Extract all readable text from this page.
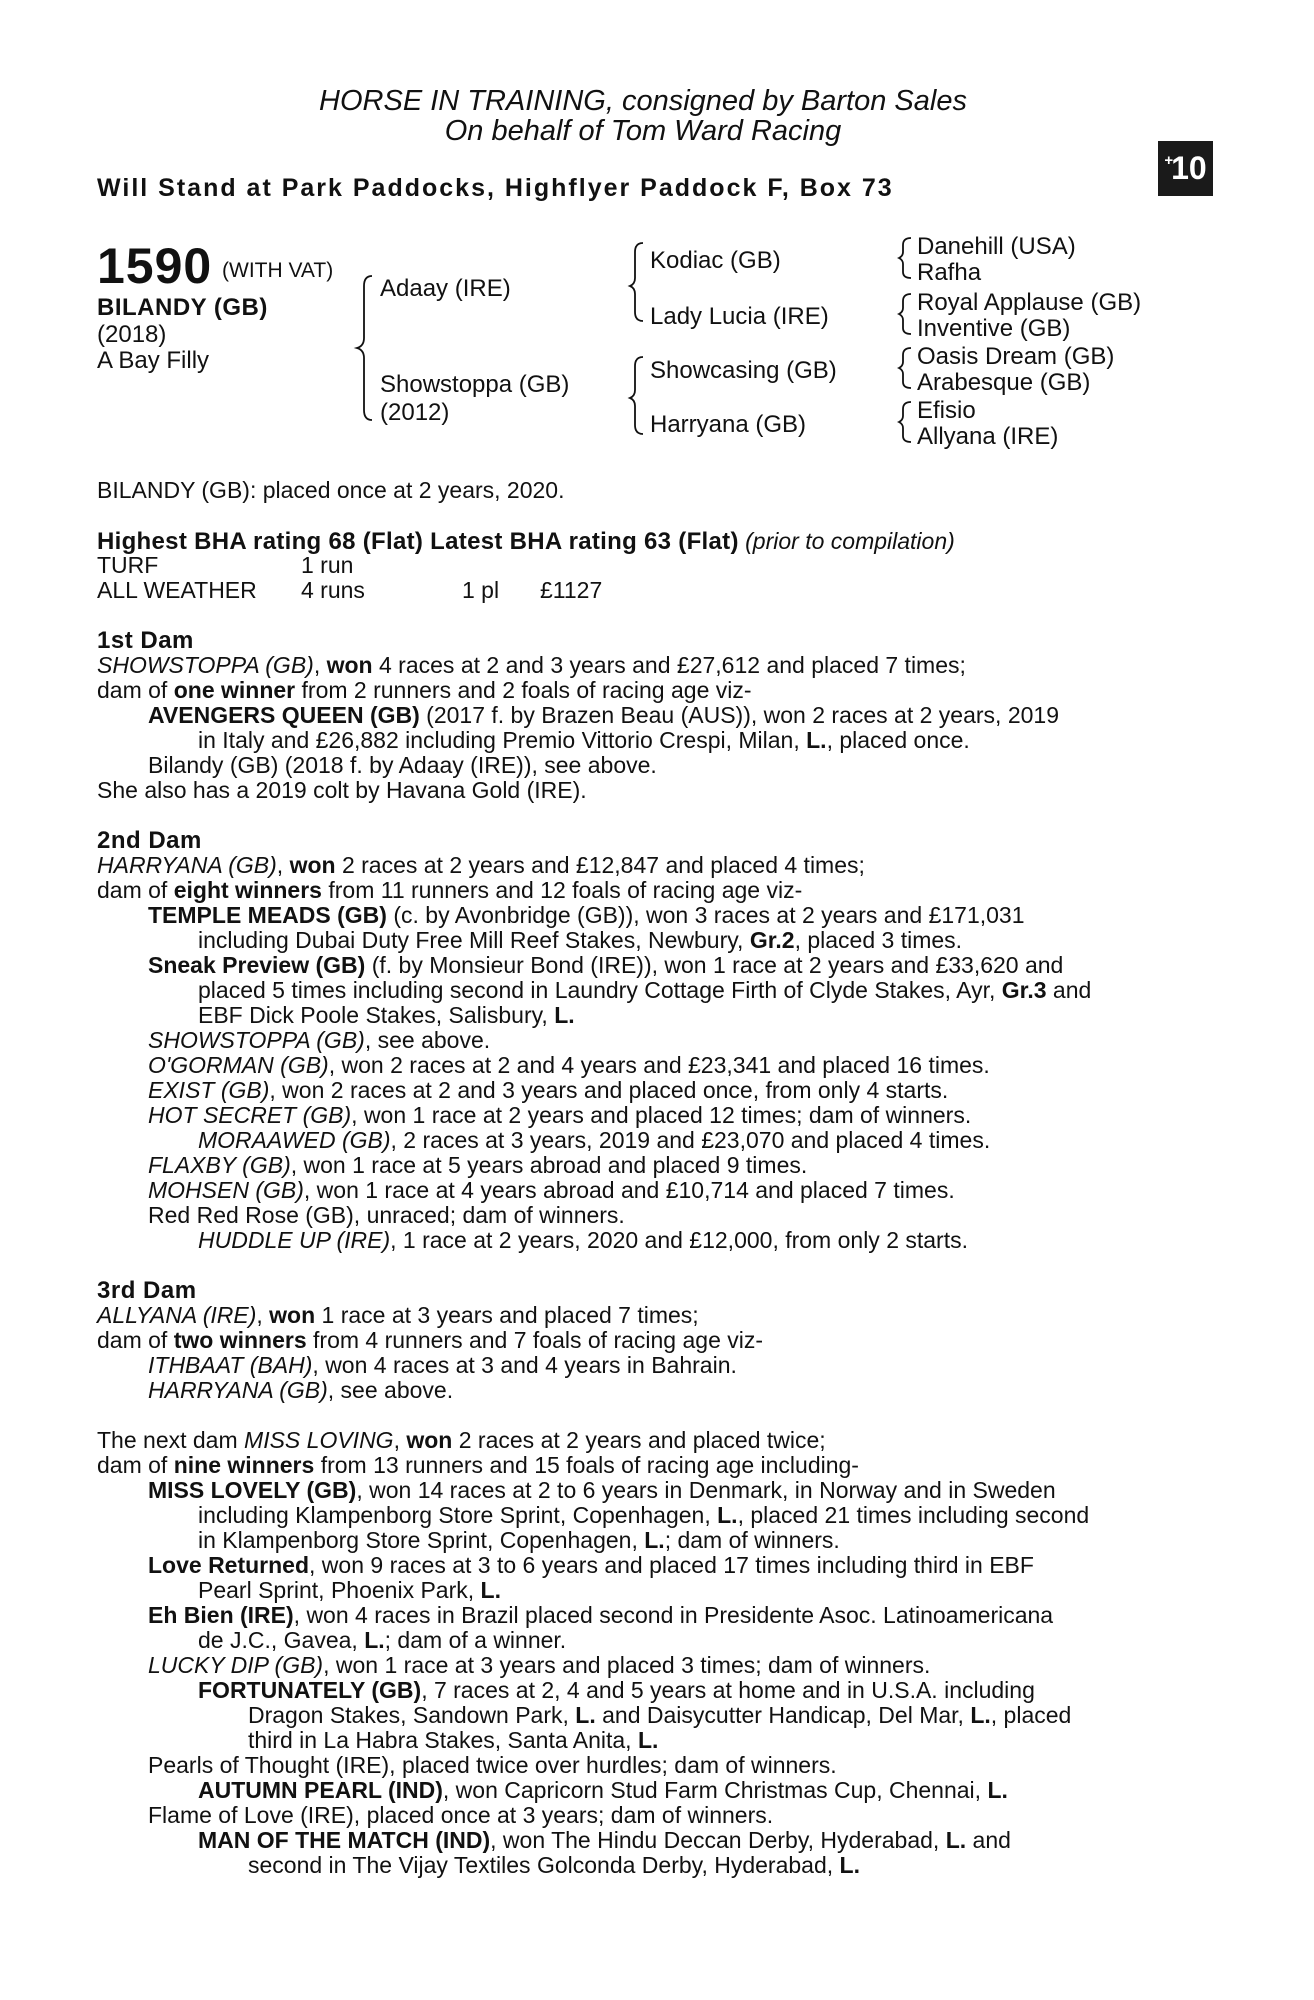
HORSE IN TRAINING, consigned by Barton Sales
On behalf of Tom Ward Racing
Will Stand at Park Paddocks, Highflyer Paddock F, Box 73
+
10
1590 (WITH VAT)
BILANDY (GB)
(2018)
A Bay Filly
Adaay (IRE)
Showstoppa (GB)
(2012)
Kodiac (GB)
Lady Lucia (IRE)
Showcasing (GB)
Harryana (GB)
Danehill (USA)
Rafha
Royal Applause (GB)
Inventive (GB)
Oasis Dream (GB)
Arabesque (GB)
Efisio
Allyana (IRE)
BILANDY (GB): placed once at 2 years, 2020.
Highest BHA rating 68 (Flat) Latest BHA rating 63 (Flat) (prior to compilation)
TURF	1 run
ALL WEATHER 4 runs	1 pl £1127
1st Dam
SHOWSTOPPA (GB), won 4 races at 2 and 3 years and £27,612 and placed 7 times;
dam of one winner from 2 runners and 2 foals of racing age viz-
AVENGERS QUEEN (GB) (2017 f. by Brazen Beau (AUS)), won 2 races at 2 years, 2019
in Italy and £26,882 including Premio Vittorio Crespi, Milan, L., placed once.
Bilandy (GB) (2018 f. by Adaay (IRE)), see above.
She also has a 2019 colt by Havana Gold (IRE).
2nd Dam
HARRYANA (GB), won 2 races at 2 years and £12,847 and placed 4 times;
dam of eight winners from 11 runners and 12 foals of racing age viz-
TEMPLE MEADS (GB) (c. by Avonbridge (GB)), won 3 races at 2 years and £171,031
including Dubai Duty Free Mill Reef Stakes, Newbury, Gr.2, placed 3 times.
Sneak Preview (GB) (f. by Monsieur Bond (IRE)), won 1 race at 2 years and £33,620 and
placed 5 times including second in Laundry Cottage Firth of Clyde Stakes, Ayr, Gr.3 and
EBF Dick Poole Stakes, Salisbury, L.
SHOWSTOPPA (GB), see above.
O'GORMAN (GB), won 2 races at 2 and 4 years and £23,341 and placed 16 times.
EXIST (GB), won 2 races at 2 and 3 years and placed once, from only 4 starts.
HOT SECRET (GB), won 1 race at 2 years and placed 12 times; dam of winners.
MORAAWED (GB), 2 races at 3 years, 2019 and £23,070 and placed 4 times.
FLAXBY (GB), won 1 race at 5 years abroad and placed 9 times.
MOHSEN (GB), won 1 race at 4 years abroad and £10,714 and placed 7 times.
Red Red Rose (GB), unraced; dam of winners.
HUDDLE UP (IRE), 1 race at 2 years, 2020 and £12,000, from only 2 starts.
3rd Dam
ALLYANA (IRE), won 1 race at 3 years and placed 7 times;
dam of two winners from 4 runners and 7 foals of racing age viz-
ITHBAAT (BAH), won 4 races at 3 and 4 years in Bahrain.
HARRYANA (GB), see above.
The next dam MISS LOVING, won 2 races at 2 years and placed twice;
dam of nine winners from 13 runners and 15 foals of racing age including-
MISS LOVELY (GB), won 14 races at 2 to 6 years in Denmark, in Norway and in Sweden
including Klampenborg Store Sprint, Copenhagen, L., placed 21 times including second
in Klampenborg Store Sprint, Copenhagen, L.; dam of winners.
Love Returned, won 9 races at 3 to 6 years and placed 17 times including third in EBF
Pearl Sprint, Phoenix Park, L.
Eh Bien (IRE), won 4 races in Brazil placed second in Presidente Asoc. Latinoamericana
de J.C., Gavea, L.; dam of a winner.
LUCKY DIP (GB), won 1 race at 3 years and placed 3 times; dam of winners.
FORTUNATELY (GB), 7 races at 2, 4 and 5 years at home and in U.S.A. including
Dragon Stakes, Sandown Park, L. and Daisycutter Handicap, Del Mar, L., placed
third in La Habra Stakes, Santa Anita, L.
Pearls of Thought (IRE), placed twice over hurdles; dam of winners.
AUTUMN PEARL (IND), won Capricorn Stud Farm Christmas Cup, Chennai, L.
Flame of Love (IRE), placed once at 3 years; dam of winners.
MAN OF THE MATCH (IND), won The Hindu Deccan Derby, Hyderabad, L. and
second in The Vijay Textiles Golconda Derby, Hyderabad, L.
